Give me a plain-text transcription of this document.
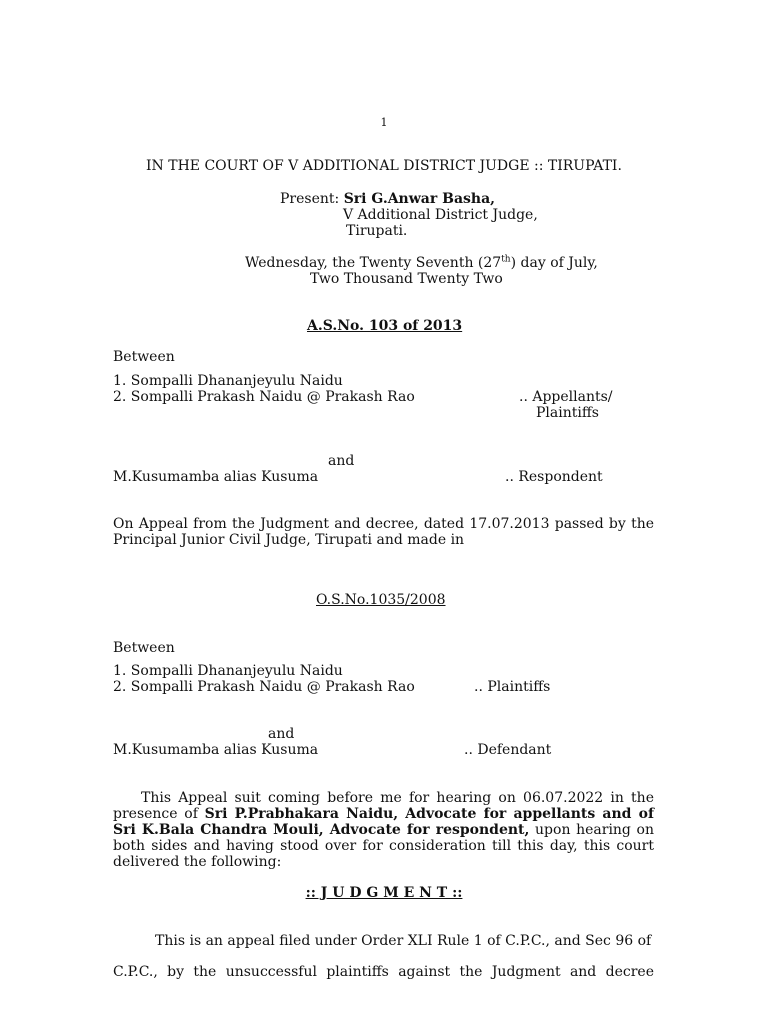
1
IN THE COURT OF V ADDITIONAL DISTRICT JUDGE :: TIRUPATI.
Present: Sri G.Anwar Basha,
V Additional District Judge,
Tirupati.
Wednesday, the Twenty Seventh (27th) day of July,
Two Thousand Twenty Two
A.S.No. 103 of 2013
Between
1. Sompalli Dhananjeyulu Naidu
2. Sompalli Prakash Naidu @ Prakash Rao	.. Appellants/
Plaintiffs
and
M.Kusumamba alias Kusuma	.. Respondent
On Appeal from the Judgment and decree, dated 17.07.2013 passed by the Principal Junior Civil Judge, Tirupati and made in
O.S.No.1035/2008
Between
1. Sompalli Dhananjeyulu Naidu
2. Sompalli Prakash Naidu @ Prakash Rao	.. Plaintiffs
and
M.Kusumamba alias Kusuma	.. Defendant
This Appeal suit coming before me for hearing on 06.07.2022 in the presence of Sri P.Prabhakara Naidu, Advocate for appellants and of Sri K.Bala Chandra Mouli, Advocate for respondent, upon hearing on both sides and having stood over for consideration till this day, this court delivered the following:
:: J U D G M E N T ::
This is an appeal filed under Order XLI Rule 1 of C.P.C., and Sec 96 of
C.P.C., by the unsuccessful plaintiffs against the Judgment and decree
